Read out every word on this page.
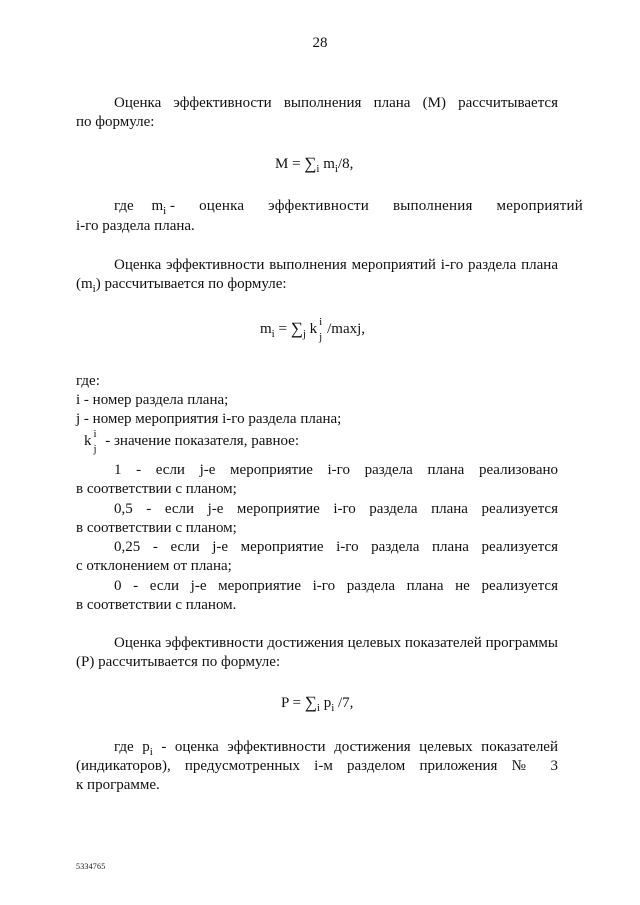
28
Оценка эффективности выполнения плана (М) рассчитывается
по формуле:
$M = \sum_i$ $m_i/8$,
где $m_i$ - оценка эффективности выполнения мероприятий
i-го раздела плана.
Оценка эффективности выполнения мероприятий i-го раздела плана
$(m_i)$ рассчитывается по формуле:
$m_i = \sum_j$ k i
j /maxj,
где:
i - номер раздела плана;
j - номер мероприятия i-го раздела плана;
k i
j - значение показателя, равное:
1 - если j-е мероприятие i-го раздела плана реализовано
в соответствии с планом;
0,5 - если j-е мероприятие i-го раздела плана реализуется
в соответствии с планом;
0,25 - если j-е мероприятие i-го раздела плана реализуется
с отклонением от плана;
0 - если j-е мероприятие i-го раздела плана не реализуется
в соответствии с планом.
Оценка эффективности достижения целевых показателей программы
(Р) рассчитывается по формуле:
$P = \sum_i$ $p_i$ /7,
где $p_i$ - оценка эффективности достижения целевых показателей
(индикаторов), предусмотренных i-м разделом приложения № 3
к программе.
5334765
